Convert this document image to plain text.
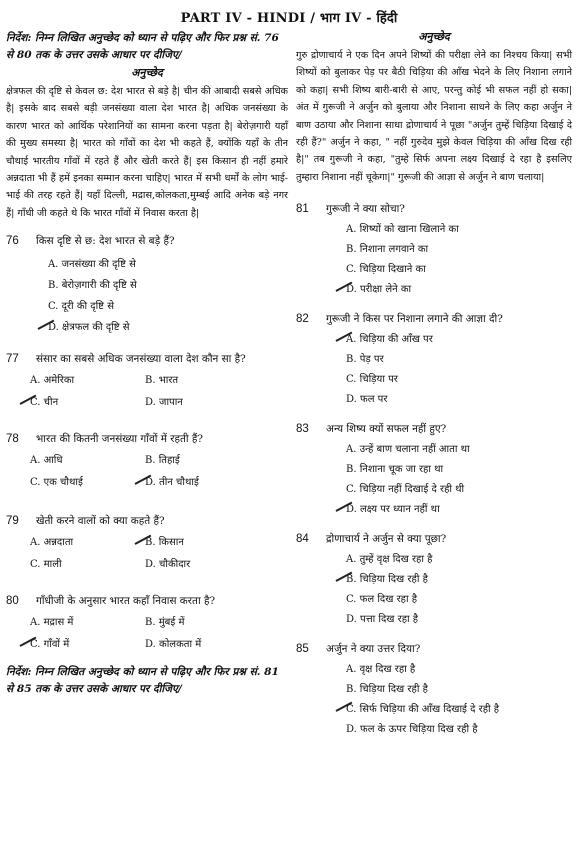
PART IV - HINDI / भाग IV - हिंदी
निर्देश: निम्न लिखित अनुच्छेद को ध्यान से पढ़िए और फिर प्रश्न सं. 76 से 80 तक के उत्तर उसके आधार पर दीजिए/
अनुच्छेद
क्षेत्रफल की दृष्टि से केवल छ: देश भारत से बड़े है| चीन की आबादी सबसे अधिक है| इसके बाद सबसे बड़ी जनसंख्या वाला देश भारत है| अधिक जनसंख्या के कारण भारत को आर्थिक परेशानियों का सामना करना पड़ता है| बेरोज़गारी यहाँ की मुख्य समस्या है| भारत को गाँवों का देश भी कहते हैं, क्योंकि यहाँ के तीन चौथाई भारतीय गाँवों में रहते हैं और खेती करते हैं| इस किसान ही नहीं हमारे अन्नदाता भी हैं हमें इनका सम्मान करना चाहिए| भारत में सभी धर्मों के लोग भाई-भाई की तरह रहते हैं| यहाँ दिल्ली, मद्रास,कोलकता,मुम्बई आदि अनेक बड़े नगर हैं| गाँधी जी कहते थे कि भारत गाँवों में निवास करता है|
76	किस दृष्टि से छ: देश भारत से बड़े हैं?
A. जनसंख्या की दृष्टि से
B. बेरोज़गारी की दृष्टि से
C. दूरी की दृष्टि से
D. क्षेत्रफल की दृष्टि से
77	संसार का सबसे अधिक जनसंख्या वाला देश कौन सा है?
A. अमेरिका	B. भारत
C. चीन	D. जापान
78	भारत की कितनी जनसंख्या गाँवों में रहती हैं?
A. आधि	B. तिहाई
C. एक चौथाई	D. तीन चौथाई
79	खेती करने वालों को क्या कहते हैं?
A. अन्नदाता	B. किसान
C. माली	D. चौकीदार
80	गाँधीजी के अनुसार भारत कहाँ निवास करता है?
A. मद्रास में	B. मुंबई में
C. गाँवों में	D. कोलकता में
निर्देश: निम्न लिखित अनुच्छेद को ध्यान से पढ़िए और फिर प्रश्न सं. 81 से 85 तक के उत्तर उसके आधार पर दीजिए/
अनुच्छेद
गुरु द्रोणाचार्य ने एक दिन अपने शिष्यों की परीक्षा लेने का निश्चय किया| सभी शिष्यों को बुलाकर पेड़ पर बैठी चिड़िया की आँख भेदने के लिए निशाना लगाने को कहा| सभी शिष्य बारी-बारी से आए, परन्तु कोई भी सफल नहीं हो सका| अंत में गुरूजी ने अर्जुन को बुलाया और निशाना साधने के लिए कहा अर्जुन ने बाण उठाया और निशाना साधा द्रोणाचार्य ने पूछा "अर्जुन तुम्हें चिड़िया दिखाई दे रही हैं?" अर्जुन ने कहा, " नहीं गुरुदेव मुझे केवल चिड़िया की आँख दिख रही है|" तब गुरूजी ने कहा, "तुम्हे सिर्फ अपना लक्ष्य दिखाई दे रहा है इसलिए तुम्हारा निशाना नहीं चूकेगा|" गुरूजी की आज्ञा से अर्जुन ने बाण चलाया|
81	गुरूजी ने क्या सोचा?
A. शिष्यों को खाना खिलाने का
B. निशाना लगवाने का
C. चिड़िया दिखाने का
D. परीक्षा लेने का
82	गुरूजी ने किस पर निशाना लगाने की आज्ञा दी?
A. चिड़िया की आँख पर
B. पेड़ पर
C. चिड़िया पर
D. फल पर
83	अन्य शिष्य क्यों सफल नहीं हुए?
A. उन्हें बाण चलाना नहीं आता था
B. निशाना चूक जा रहा था
C. चिड़िया नहीं दिखाई दे रही थी
D. लक्ष्य पर ध्यान नहीं था
84	द्रोणाचार्य ने अर्जुन से क्या पूछा?
A. तुम्हें वृक्ष दिख रहा है
B. चिड़िया दिख रही है
C. फल दिख रहा है
D. पत्ता दिख रहा है
85	अर्जुन ने क्या उत्तर दिया?
A. वृक्ष दिख रहा है
B. चिड़िया दिख रही है
C. सिर्फ चिड़िया की आँख दिखाई दे रही है
D. फल के ऊपर चिड़िया दिख रही है
